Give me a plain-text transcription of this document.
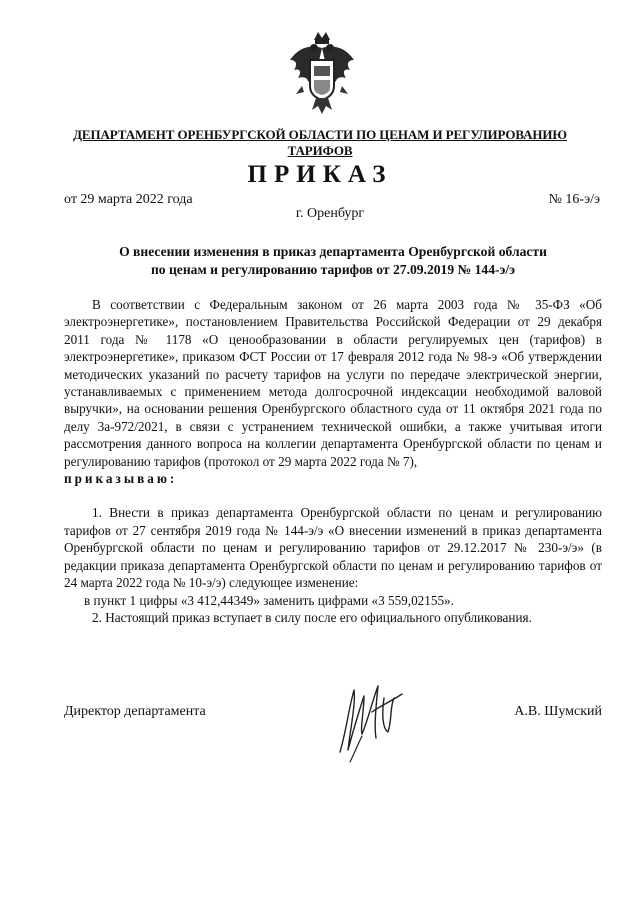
ДЕПАРТАМЕНТ ОРЕНБУРГСКОЙ ОБЛАСТИ ПО ЦЕНАМ И РЕГУЛИРОВАНИЮ ТАРИФОВ
ПРИКАЗ
от 29 марта 2022 года	№ 16-э/э
г. Оренбург
О внесении изменения в приказ департамента Оренбургской области
по ценам и регулированию тарифов от 27.09.2019 № 144-э/э

В соответствии с Федеральным законом от 26 марта 2003 года № 35-ФЗ «Об электроэнергетике», постановлением Правительства Российской Федерации от 29 декабря 2011 года № 1178 «О ценообразовании в области регулируемых цен (тарифов) в электроэнергетике», приказом ФСТ России от 17 февраля 2012 года № 98-э «Об утверждении методических указаний по расчету тарифов на услуги по передаче электрической энергии, устанавливаемых с применением метода долгосрочной индексации необходимой валовой выручки», на основании решения Оренбургского областного суда от 11 октября 2021 года по делу 3а-972/2021, в связи с устранением технической ошибки, а также учитывая итоги рассмотрения данного вопроса на коллегии департамента Оренбургской области по ценам и регулированию тарифов (протокол от 29 марта 2022 года № 7),

приказываю:

1. Внести в приказ департамента Оренбургской области по ценам и регулированию тарифов от 27 сентября 2019 года № 144-э/э «О внесении изменений в приказ департамента Оренбургской области по ценам и регулированию тарифов от 29.12.2017 № 230-э/э» (в редакции приказа департамента Оренбургской области по ценам и регулированию тарифов от 24 марта 2022 года № 10-э/э) следующее изменение:

в пункт 1 цифры «3 412,44349» заменить цифрами «3 559,02155».

2. Настоящий приказ вступает в силу после его официального опубликования.

Директор департамента	А.В. Шумский
